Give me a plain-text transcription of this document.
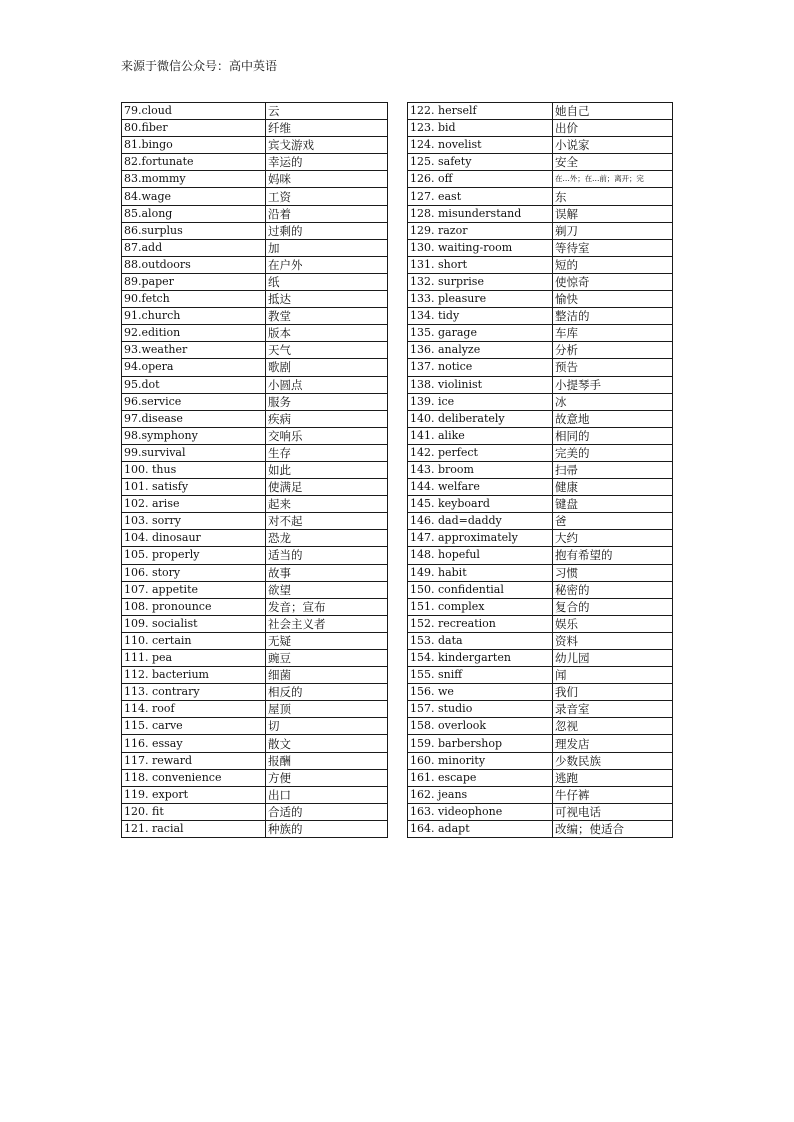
来源于微信公众号：高中英语
79.cloud	云
80.fiber	纤维
81.bingo	宾戈游戏
82.fortunate	幸运的
83.mommy	妈咪
84.wage	工资
85.along	沿着
86.surplus	过剩的
87.add	加
88.outdoors	在户外
89.paper	纸
90.fetch	抵达
91.church	教堂
92.edition	版本
93.weather	天气
94.opera	歌剧
95.dot	小圆点
96.service	服务
97.disease	疾病
98.symphony	交响乐
99.survival	生存
100. thus	如此
101. satisfy	使满足
102. arise	起来
103. sorry	对不起
104. dinosaur	恐龙
105. properly	适当的
106. story	故事
107. appetite	欲望
108. pronounce	发音；宣布
109. socialist	社会主义者
110. certain	无疑
111. pea	豌豆
112. bacterium	细菌
113. contrary	相反的
114. roof	屋顶
115. carve	切
116. essay	散文
117. reward	报酬
118. convenience	方便
119. export	出口
120. fit	合适的
121. racial	种族的
122. herself	她自己
123. bid	出价
124. novelist	小说家
125. safety	安全
126. off	在…外；在…前；离开；完
127. east	东
128. misunderstand	误解
129. razor	剃刀
130. waiting-room	等待室
131. short	短的
132. surprise	使惊奇
133. pleasure	愉快
134. tidy	整洁的
135. garage	车库
136. analyze	分析
137. notice	预告
138. violinist	小提琴手
139. ice	冰
140. deliberately	故意地
141. alike	相同的
142. perfect	完美的
143. broom	扫帚
144. welfare	健康
145. keyboard	键盘
146. dad=daddy	爸
147. approximately	大约
148. hopeful	抱有希望的
149. habit	习惯
150. confidential	秘密的
151. complex	复合的
152. recreation	娱乐
153. data	资料
154. kindergarten	幼儿园
155. sniff	闻
156. we	我们
157. studio	录音室
158. overlook	忽视
159. barbershop	理发店
160. minority	少数民族
161. escape	逃跑
162. jeans	牛仔裤
163. videophone	可视电话
164. adapt	改编；使适合
